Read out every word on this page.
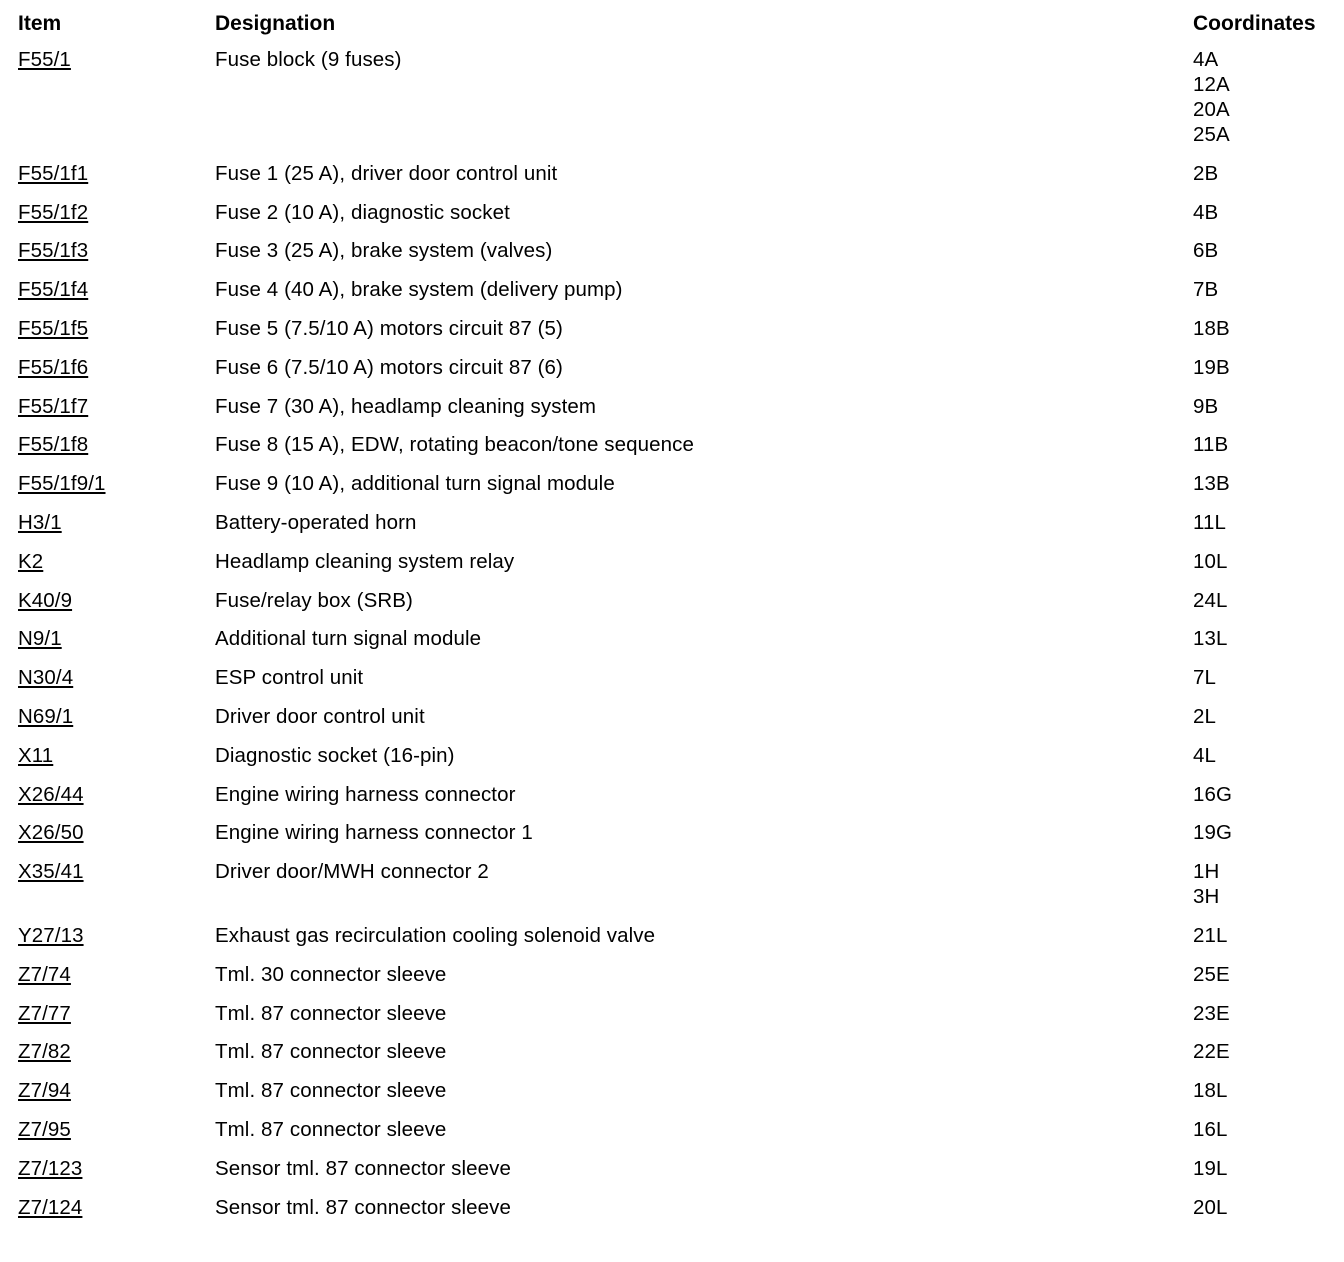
Item	Designation	Coordinates
F55/1	Fuse block (9 fuses)	4A
12A
20A
25A
F55/1f1	Fuse 1 (25 A), driver door control unit	2B
F55/1f2	Fuse 2 (10 A), diagnostic socket	4B
F55/1f3	Fuse 3 (25 A), brake system (valves)	6B
F55/1f4	Fuse 4 (40 A), brake system (delivery pump)	7B
F55/1f5	Fuse 5 (7.5/10 A) motors circuit 87 (5)	18B
F55/1f6	Fuse 6 (7.5/10 A) motors circuit 87 (6)	19B
F55/1f7	Fuse 7 (30 A), headlamp cleaning system	9B
F55/1f8	Fuse 8 (15 A), EDW, rotating beacon/tone sequence	11B
F55/1f9/1	Fuse 9 (10 A), additional turn signal module	13B
H3/1	Battery-operated horn	11L
K2	Headlamp cleaning system relay	10L
K40/9	Fuse/relay box (SRB)	24L
N9/1	Additional turn signal module	13L
N30/4	ESP control unit	7L
N69/1	Driver door control unit	2L
X11	Diagnostic socket (16-pin)	4L
X26/44	Engine wiring harness connector	16G
X26/50	Engine wiring harness connector 1	19G
X35/41	Driver door/MWH connector 2	1H
3H
Y27/13	Exhaust gas recirculation cooling solenoid valve	21L
Z7/74	Tml. 30 connector sleeve	25E
Z7/77	Tml. 87 connector sleeve	23E
Z7/82	Tml. 87 connector sleeve	22E
Z7/94	Tml. 87 connector sleeve	18L
Z7/95	Tml. 87 connector sleeve	16L
Z7/123	Sensor tml. 87 connector sleeve	19L
Z7/124	Sensor tml. 87 connector sleeve	20L
